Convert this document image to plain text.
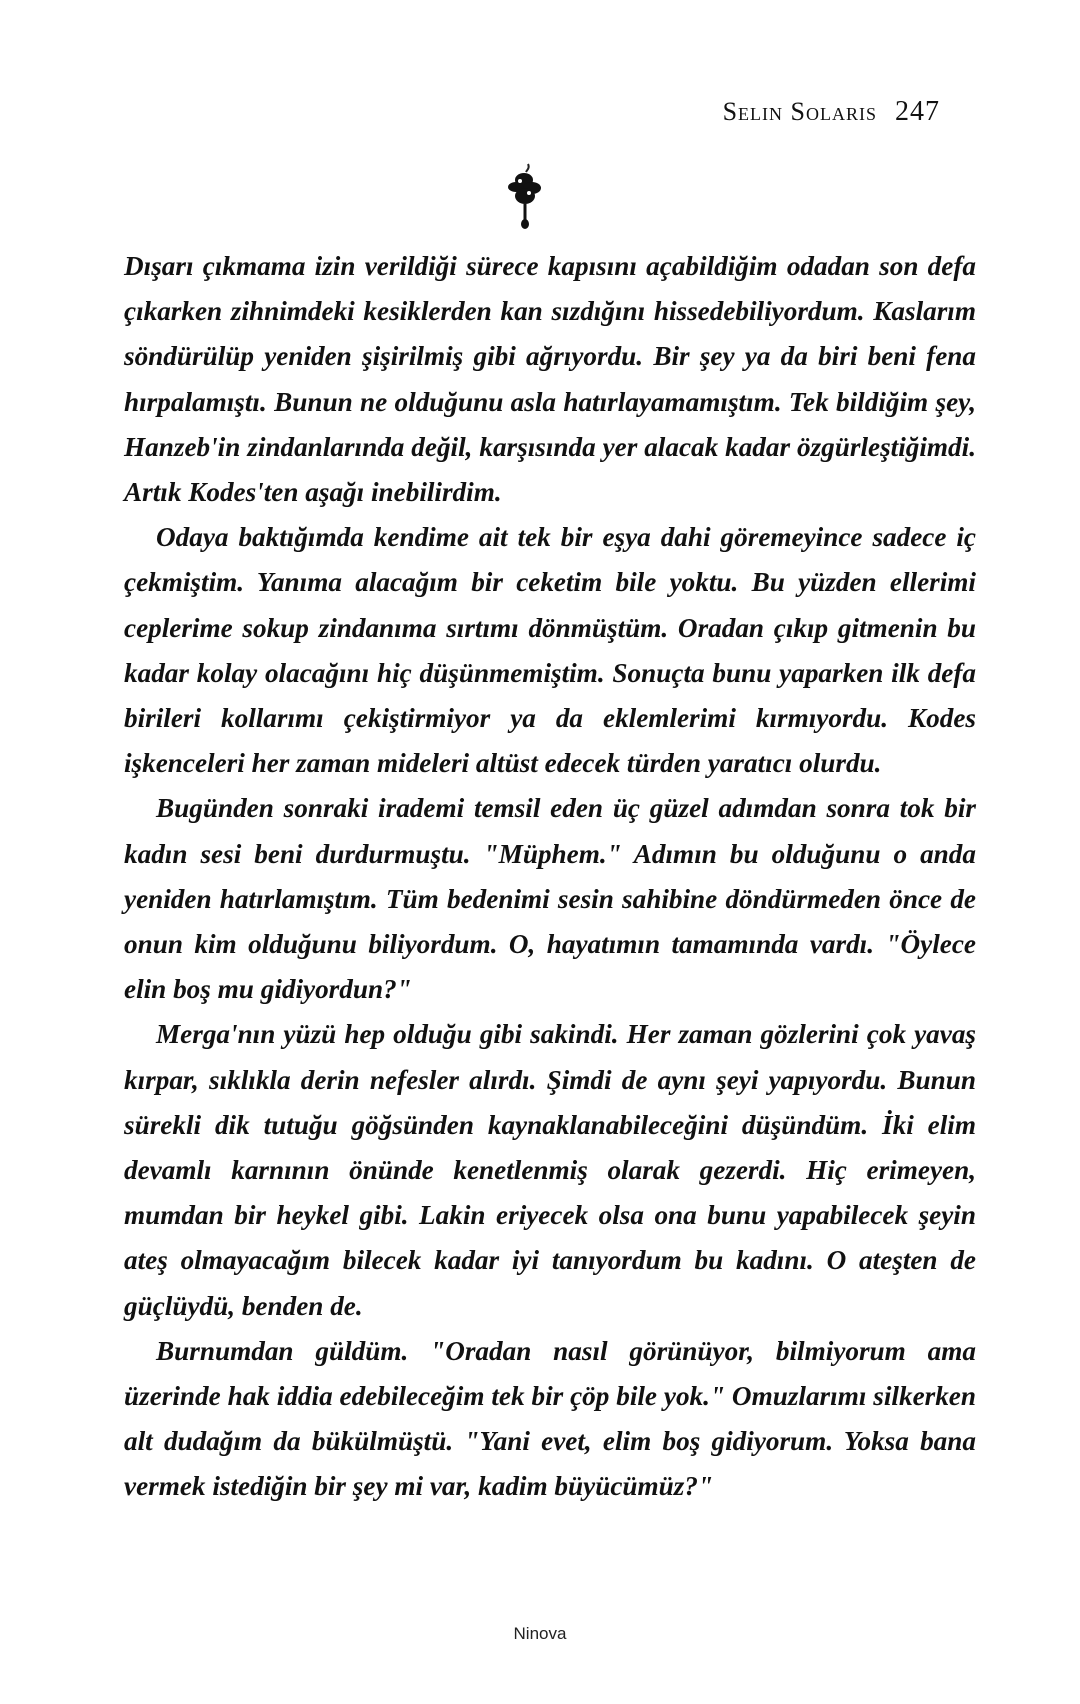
Selin Solaris 247

Dışarı çıkmama izin verildiği sürece kapısını açabildiğim odadan son defa çıkarken zihnimdeki kesiklerden kan sızdığını hissedebiliyordum. Kaslarım söndürülüp yeniden şişirilmiş gibi ağrıyordu. Bir şey ya da biri beni fena hırpalamıştı. Bunun ne olduğunu asla hatırlayamamıştım. Tek bildiğim şey, Hanzeb'in zindanlarında değil, karşısında yer alacak kadar özgürleştiğimdi. Artık Kodes'ten aşağı inebilirdim.

Odaya baktığımda kendime ait tek bir eşya dahi göremeyince sadece iç çekmiştim. Yanıma alacağım bir ceketim bile yoktu. Bu yüzden ellerimi ceplerime sokup zindanıma sırtımı dönmüştüm. Oradan çıkıp gitmenin bu kadar kolay olacağını hiç düşünmemiştim. Sonuçta bunu yaparken ilk defa birileri kollarımı çekiştirmiyor ya da eklemlerimi kırmıyordu. Kodes işkenceleri her zaman mideleri altüst edecek türden yaratıcı olurdu.

Bugünden sonraki irademi temsil eden üç güzel adımdan sonra tok bir kadın sesi beni durdurmuştu. "Müphem." Adımın bu olduğunu o anda yeniden hatırlamıştım. Tüm bedenimi sesin sahibine döndürmeden önce de onun kim olduğunu biliyordum. O, hayatımın tamamında vardı. "Öylece elin boş mu gidiyordun?"

Merga'nın yüzü hep olduğu gibi sakindi. Her zaman gözlerini çok yavaş kırpar, sıklıkla derin nefesler alırdı. Şimdi de aynı şeyi yapıyordu. Bunun sürekli dik tutuğu göğsünden kaynaklanabileceğini düşündüm. İki elim devamlı karnının önünde kenetlenmiş olarak gezerdi. Hiç erimeyen, mumdan bir heykel gibi. Lakin eriyecek olsa ona bunu yapabilecek şeyin ateş olmayacağım bilecek kadar iyi tanıyordum bu kadını. O ateşten de güçlüydü, benden de.

Burnumdan güldüm. "Oradan nasıl görünüyor, bilmiyorum ama üzerinde hak iddia edebileceğim tek bir çöp bile yok." Omuzlarımı silkerken alt dudağım da bükülmüştü. "Yani evet, elim boş gidiyorum. Yoksa bana vermek istediğin bir şey mi var, kadim büyücümüz?"

Ninova
